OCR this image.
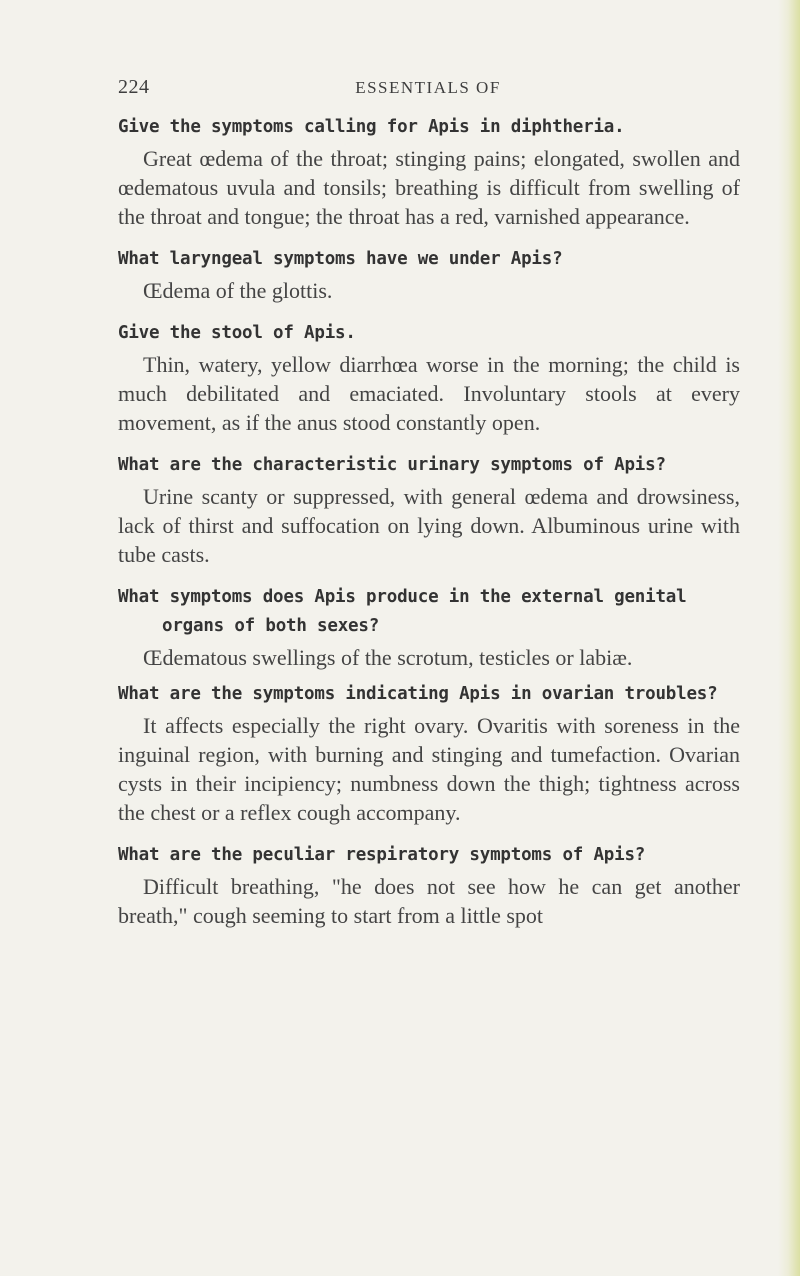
224	ESSENTIALS OF

Give the symptoms calling for Apis in diphtheria.

Great œdema of the throat; stinging pains; elongated, swollen and œdematous uvula and tonsils; breathing is difficult from swelling of the throat and tongue; the throat has a red, varnished appearance.

What laryngeal symptoms have we under Apis?

Œdema of the glottis.

Give the stool of Apis.

Thin, watery, yellow diarrhœa worse in the morning; the child is much debilitated and emaciated. Involuntary stools at every movement, as if the anus stood constantly open.

What are the characteristic urinary symptoms of Apis?

Urine scanty or suppressed, with general œdema and drowsiness, lack of thirst and suffocation on lying down. Albuminous urine with tube casts.

What symptoms does Apis produce in the external genital organs of both sexes?

Œdematous swellings of the scrotum, testicles or labiæ.

What are the symptoms indicating Apis in ovarian troubles?

It affects especially the right ovary. Ovaritis with soreness in the inguinal region, with burning and stinging and tumefaction. Ovarian cysts in their incipiency; numbness down the thigh; tightness across the chest or a reflex cough accompany.

What are the peculiar respiratory symptoms of Apis?

Difficult breathing, "he does not see how he can get another breath," cough seeming to start from a little spot
